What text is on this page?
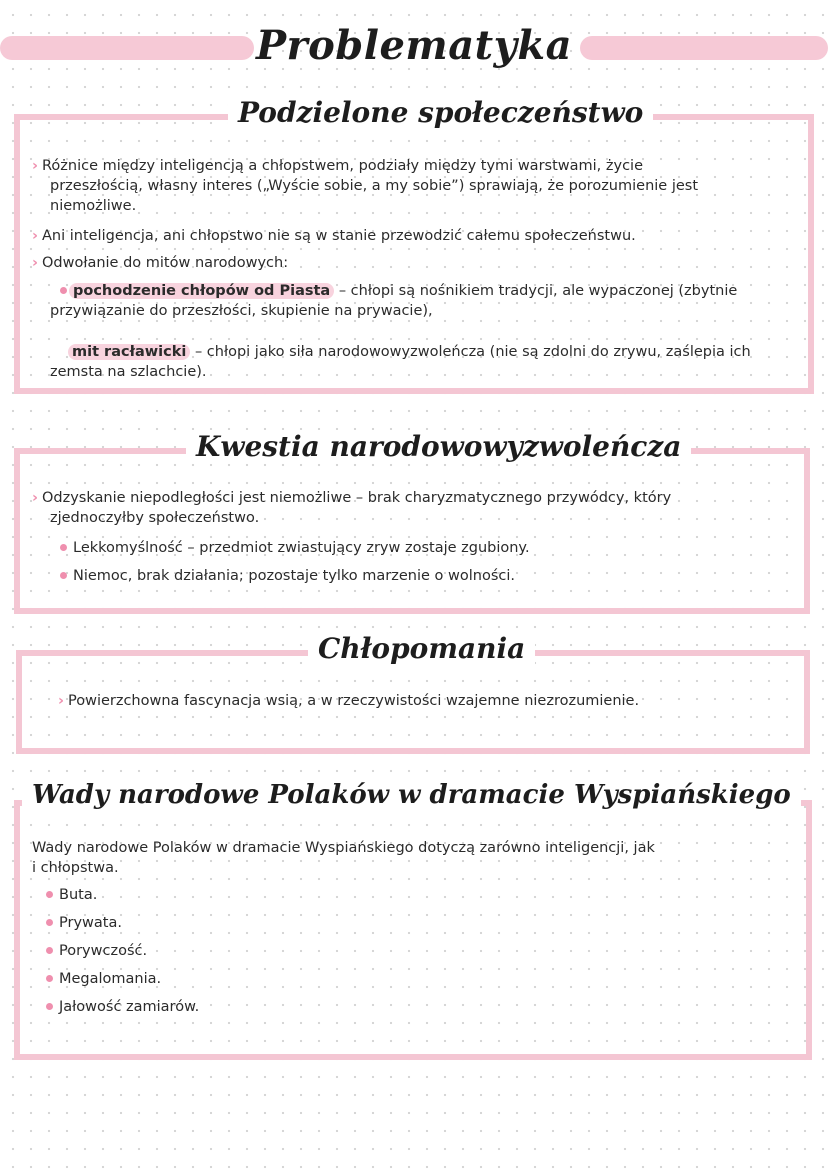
Problematyka
Podzielone społeczeństwo

› Różnice między inteligencją a chłopstwem, podziały między tymi warstwami, życie
przeszłością, własny interes („Wyście sobie, a my sobie”) sprawiają, że porozumienie jest
niemożliwe.

› Ani inteligencja, ani chłopstwo nie są w stanie przewodzić całemu społeczeństwu.

› Odwołanie do mitów narodowych:

pochodzenie chłopów od Piasta – chłopi są nośnikiem tradycji, ale wypaczonej (zbytnie
przywiązanie do przeszłości, skupienie na prywacie),

mit racławicki – chłopi jako siła narodowowyzwoleńcza (nie są zdolni do zrywu, zaślepia ich
zemsta na szlachcie).

Kwestia narodowowyzwoleńcza

› Odzyskanie niepodległości jest niemożliwe – brak charyzmatycznego przywódcy, który
zjednoczyłby społeczeństwo.

Lekkomyślność – przedmiot zwiastujący zryw zostaje zgubiony.

Niemoc, brak działania; pozostaje tylko marzenie o wolności.

Chłopomania

› Powierzchowna fascynacja wsią, a w rzeczywistości wzajemne niezrozumienie.

Wady narodowe Polaków w dramacie Wyspiańskiego

Wady narodowe Polaków w dramacie Wyspiańskiego dotyczą zarówno inteligencji, jak
i chłopstwa.

Buta.

Prywata.

Porywczość.

Megalomania.

Jałowość zamiarów.
